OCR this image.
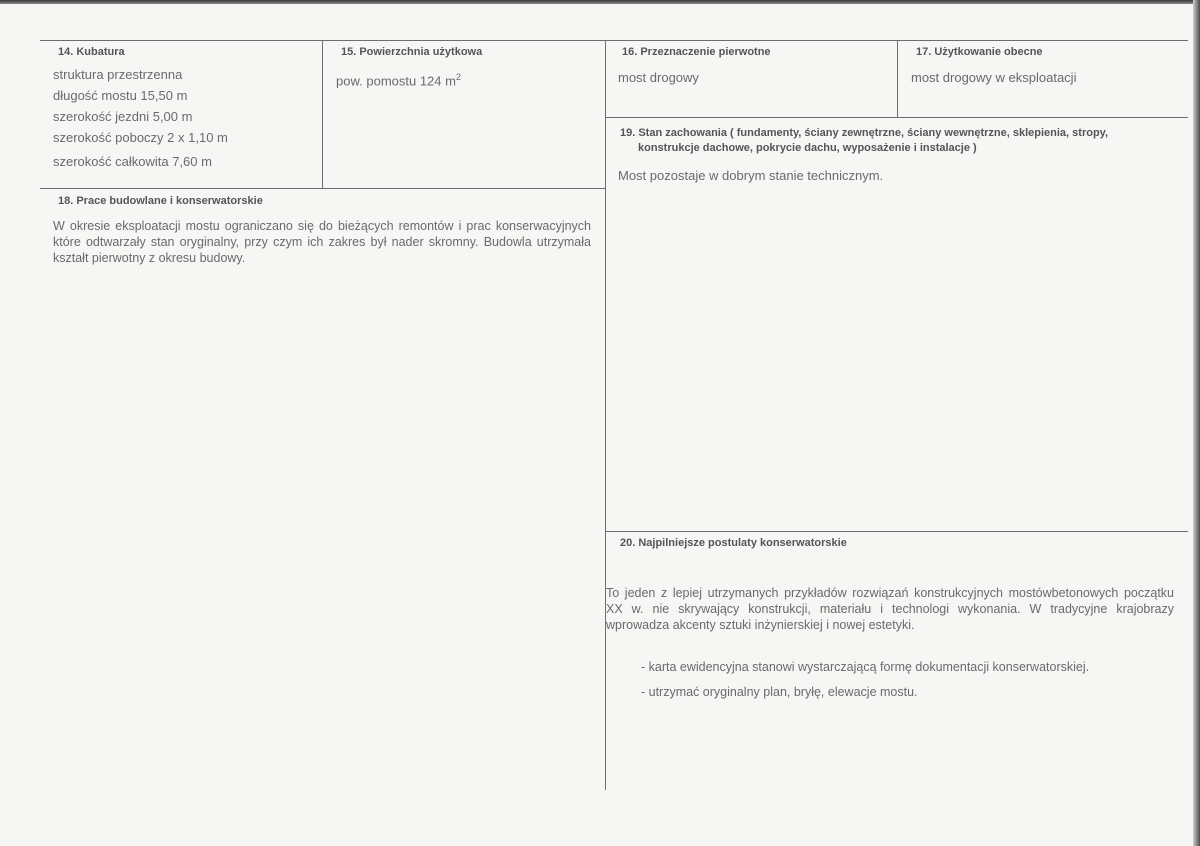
14. Kubatura
struktura przestrzenna
długość mostu 15,50 m
szerokość jezdni 5,00 m
szerokość poboczy 2 x 1,10 m
szerokość całkowita 7,60 m
15. Powierzchnia użytkowa
pow. pomostu 124 $m^2$
16. Przeznaczenie pierwotne
most drogowy
17. Użytkowanie obecne
most drogowy w eksploatacji
18. Prace budowlane i konserwatorskie
W okresie eksploatacji mostu ograniczano się do bieżących remontów i prac konserwacyjnych które odtwarzały stan oryginalny, przy czym ich zakres był nader skromny. Budowla utrzymała kształt pierwotny z okresu budowy.
19. Stan zachowania ( fundamenty, ściany zewnętrzne, ściany wewnętrzne, sklepienia, stropy,
konstrukcje dachowe, pokrycie dachu, wyposażenie i instalacje )
Most pozostaje w dobrym stanie technicznym.
20. Najpilniejsze postulaty konserwatorskie
To jeden z lepiej utrzymanych przykładów rozwiązań konstrukcyjnych mostówbetonowych początku XX w. nie skrywający konstrukcji, materiału i technologi wykonania. W tradycyjne krajobrazy wprowadza akcenty sztuki inżynierskiej i nowej estetyki.
- karta ewidencyjna stanowi wystarczającą formę dokumentacji konserwatorskiej.
- utrzymać oryginalny plan, bryłę, elewacje mostu.
